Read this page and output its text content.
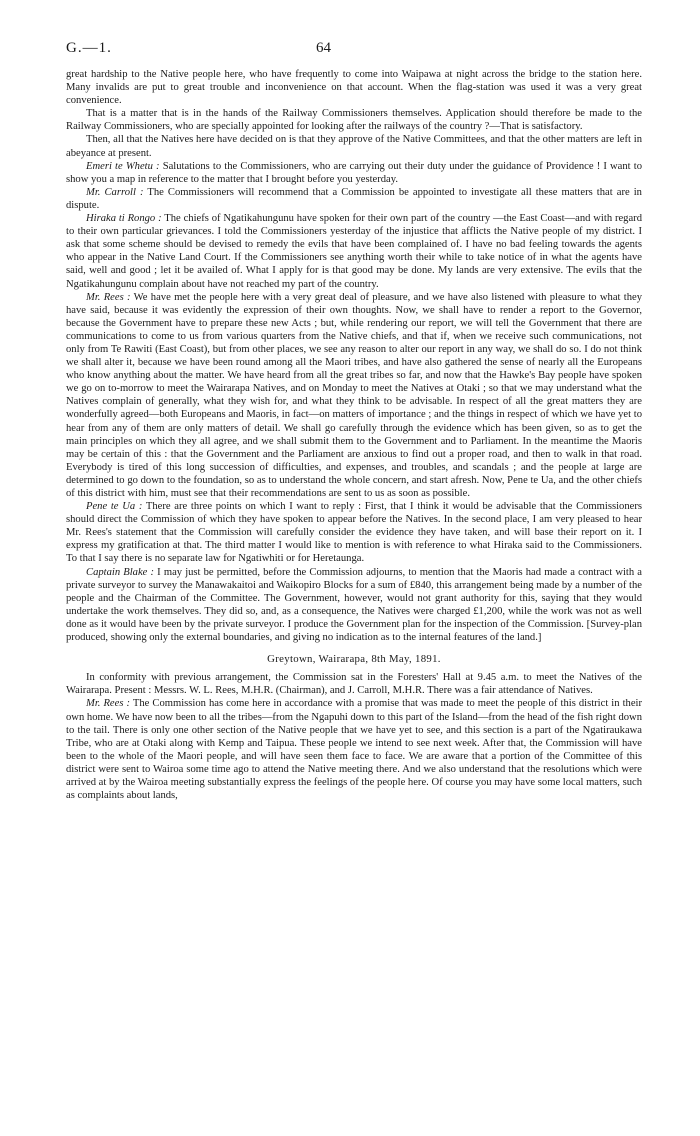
G.—1.	64

great hardship to the Native people here, who have frequently to come into Waipawa at night across the bridge to the station here. Many invalids are put to great trouble and inconvenience on that account. When the flag-station was used it was a very great convenience.

That is a matter that is in the hands of the Railway Commissioners themselves. Application should therefore be made to the Railway Commissioners, who are specially appointed for looking after the railways of the country ?—That is satisfactory.

Then, all that the Natives here have decided on is that they approve of the Native Committees, and that the other matters are left in abeyance at present.

Emeri te Whetu : Salutations to the Commissioners, who are carrying out their duty under the guidance of Providence ! I want to show you a map in reference to the matter that I brought before you yesterday.

Mr. Carroll : The Commissioners will recommend that a Commission be appointed to investigate all these matters that are in dispute.

Hiraka ti Rongo : The chiefs of Ngatikahungunu have spoken for their own part of the country —the East Coast—and with regard to their own particular grievances. I told the Commissioners yesterday of the injustice that afflicts the Native people of my district. I ask that some scheme should be devised to remedy the evils that have been complained of. I have no bad feeling towards the agents who appear in the Native Land Court. If the Commissioners see anything worth their while to take notice of in what the agents have said, well and good ; let it be availed of. What I apply for is that good may be done. My lands are very extensive. The evils that the Ngatikahungunu complain about have not reached my part of the country.

Mr. Rees : We have met the people here with a very great deal of pleasure, and we have also listened with pleasure to what they have said, because it was evidently the expression of their own thoughts. Now, we shall have to render a report to the Governor, because the Government have to prepare these new Acts ; but, while rendering our report, we will tell the Government that there are communications to come to us from various quarters from the Native chiefs, and that if, when we receive such communications, not only from Te Rawiti (East Coast), but from other places, we see any reason to alter our report in any way, we shall do so. I do not think we shall alter it, because we have been round among all the Maori tribes, and have also gathered the sense of nearly all the Europeans who know anything about the matter. We have heard from all the great tribes so far, and now that the Hawke's Bay people have spoken we go on to-morrow to meet the Wairarapa Natives, and on Monday to meet the Natives at Otaki ; so that we may understand what the Natives complain of generally, what they wish for, and what they think to be advisable. In respect of all the great matters they are wonderfully agreed—both Europeans and Maoris, in fact—on matters of importance ; and the things in respect of which we have yet to hear from any of them are only matters of detail. We shall go carefully through the evidence which has been given, so as to get the main principles on which they all agree, and we shall submit them to the Government and to Parliament. In the meantime the Maoris may be certain of this : that the Government and the Parliament are anxious to find out a proper road, and then to walk in that road. Everybody is tired of this long succession of difficulties, and expenses, and troubles, and scandals ; and the people at large are determined to go down to the foundation, so as to understand the whole concern, and start afresh. Now, Pene te Ua, and the other chiefs of this district with him, must see that their recommendations are sent to us as soon as possible.

Pene te Ua : There are three points on which I want to reply : First, that I think it would be advisable that the Commissioners should direct the Commission of which they have spoken to appear before the Natives. In the second place, I am very pleased to hear Mr. Rees's statement that the Commission will carefully consider the evidence they have taken, and will base their report on it. I express my gratification at that. The third matter I would like to mention is with reference to what Hiraka said to the Commissioners. To that I say there is no separate law for Ngatiwhiti or for Heretaunga.

Captain Blake : I may just be permitted, before the Commission adjourns, to mention that the Maoris had made a contract with a private surveyor to survey the Manawakaitoi and Waikopiro Blocks for a sum of £840, this arrangement being made by a number of the people and the Chairman of the Committee. The Government, however, would not grant authority for this, saying that they would undertake the work themselves. They did so, and, as a consequence, the Natives were charged £1,200, while the work was not as well done as it would have been by the private surveyor. I produce the Government plan for the inspection of the Commission. [Survey-plan produced, showing only the external boundaries, and giving no indication as to the internal features of the land.]

Greytown, Wairarapa, 8th May, 1891.

In conformity with previous arrangement, the Commission sat in the Foresters' Hall at 9.45 a.m. to meet the Natives of the Wairarapa. Present : Messrs. W. L. Rees, M.H.R. (Chairman), and J. Carroll, M.H.R. There was a fair attendance of Natives.

Mr. Rees : The Commission has come here in accordance with a promise that was made to meet the people of this district in their own home. We have now been to all the tribes—from the Ngapuhi down to this part of the Island—from the head of the fish right down to the tail. There is only one other section of the Native people that we have yet to see, and this section is a part of the Ngatiraukawa Tribe, who are at Otaki along with Kemp and Taipua. These people we intend to see next week. After that, the Commission will have been to the whole of the Maori people, and will have seen them face to face. We are aware that a portion of the Committee of this district were sent to Wairoa some time ago to attend the Native meeting there. And we also understand that the resolutions which were arrived at by the Wairoa meeting substantially express the feelings of the people here. Of course you may have some local matters, such as complaints about lands,
